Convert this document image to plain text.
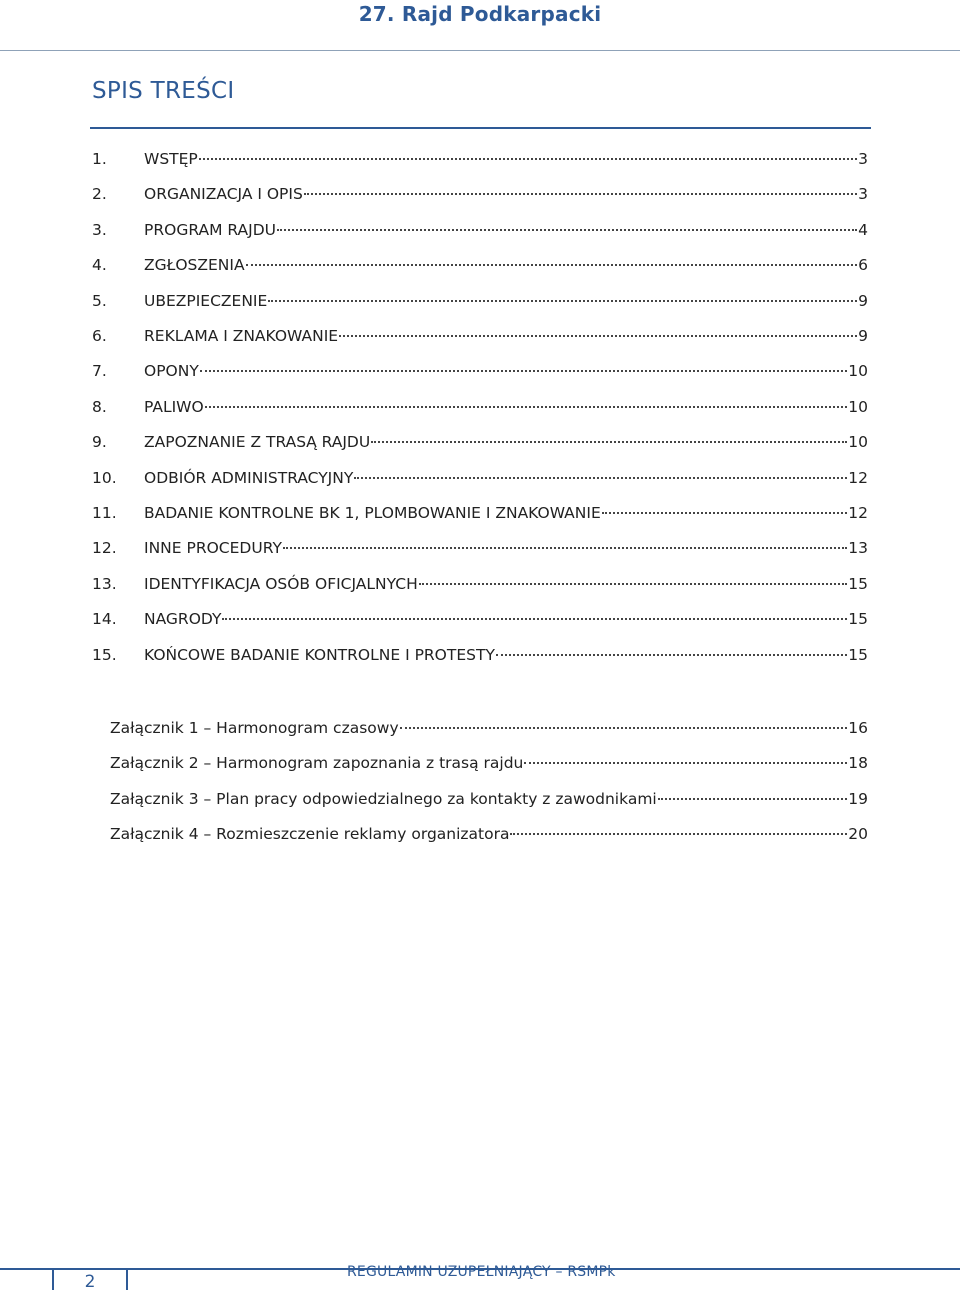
27. Rajd Podkarpacki
SPIS TREŚCI
1.	WSTĘP	3
2.	ORGANIZACJA I OPIS	3
3.	PROGRAM RAJDU	4
4.	ZGŁOSZENIA	6
5.	UBEZPIECZENIE	9
6.	REKLAMA I ZNAKOWANIE	9
7.	OPONY	10
8.	PALIWO	10
9.	ZAPOZNANIE Z TRASĄ RAJDU	10
10.	ODBIÓR ADMINISTRACYJNY	12
11.	BADANIE KONTROLNE BK 1, PLOMBOWANIE I ZNAKOWANIE	12
12.	INNE PROCEDURY	13
13.	IDENTYFIKACJA OSÓB OFICJALNYCH	15
14.	NAGRODY	15
15.	KOŃCOWE BADANIE KONTROLNE I PROTESTY	15
Załącznik 1 – Harmonogram czasowy	16
Załącznik 2 – Harmonogram zapoznania z trasą rajdu	18
Załącznik 3 – Plan pracy odpowiedzialnego za kontakty z zawodnikami	19
Załącznik 4 – Rozmieszczenie reklamy organizatora	20
2	REGULAMIN UZUPEŁNIAJĄCY – RSMPk
